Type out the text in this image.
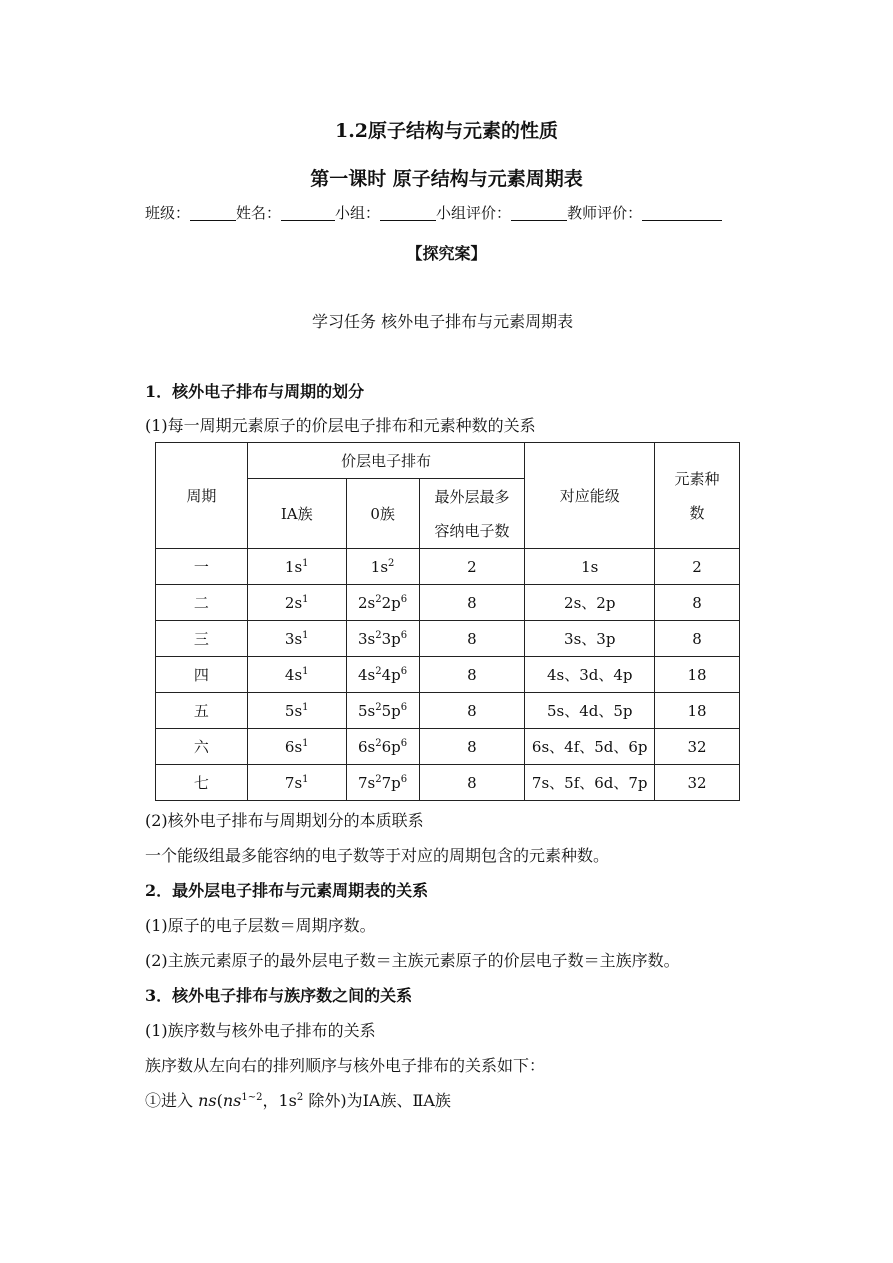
1.2原子结构与元素的性质
第一课时 原子结构与元素周期表
班级：	姓名：	小组：	小组评价：	教师评价：
【探究案】
学习任务 核外电子排布与元素周期表
1．核外电子排布与周期的划分
(1)每一周期元素原子的价层电子排布和元素种数的关系
周期	价层电子排布			对应能级	元素种
数

	ⅠA族	0族	最外层最多
容纳电子数		

一	$1s^1$	$1s^2$	2	1s	2
二	$2s^1$	$2s^22p^6$	8	2s、2p	8
三	$3s^1$	$3s^23p^6$	8	3s、3p	8
四	$4s^1$	$4s^24p^6$	8	4s、3d、4p	18
五	$5s^1$	$5s^25p^6$	8	5s、4d、5p	18
六	$6s^1$	$6s^26p^6$	8	6s、4f、5d、6p	32
七	$7s^1$	$7s^27p^6$	8	7s、5f、6d、7p	32
(2)核外电子排布与周期划分的本质联系
一个能级组最多能容纳的电子数等于对应的周期包含的元素种数。
2．最外层电子排布与元素周期表的关系
(1)原子的电子层数＝周期序数。
(2)主族元素原子的最外层电子数＝主族元素原子的价层电子数＝主族序数。
3．核外电子排布与族序数之间的关系
(1)族序数与核外电子排布的关系
族序数从左向右的排列顺序与核外电子排布的关系如下：
①进入 $ns(ns^{1\sim 2}$，$1s^2$ 除外)为ⅠA族、ⅡA族
